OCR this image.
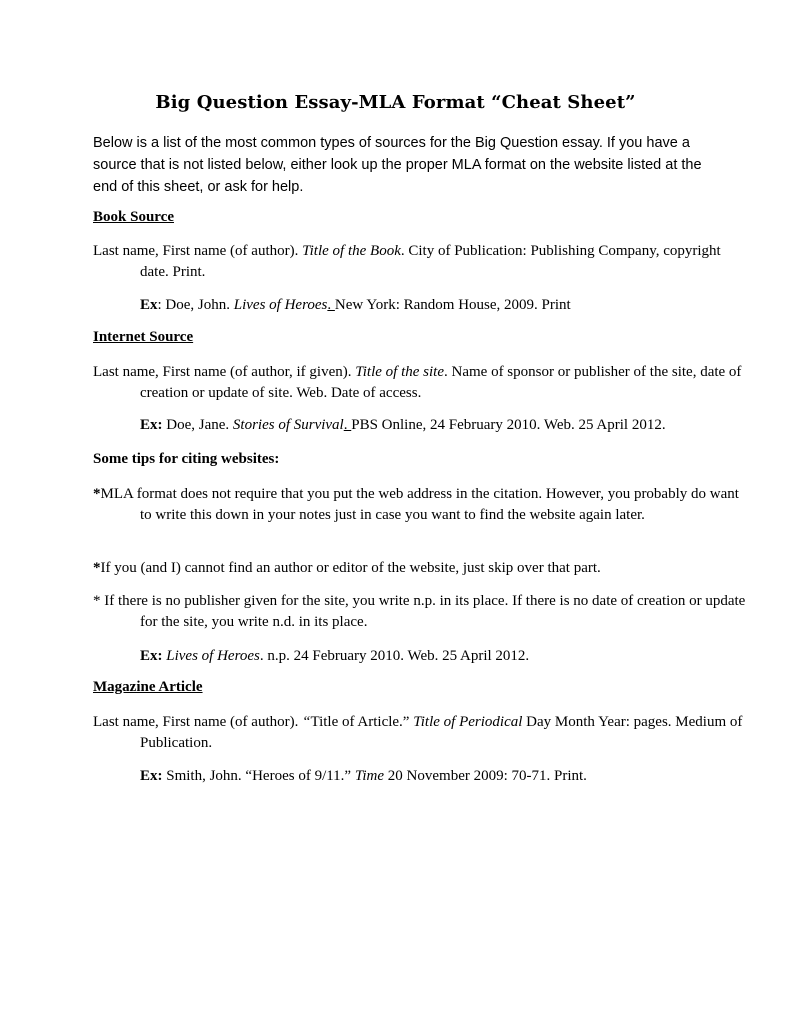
Big Question Essay-MLA Format “Cheat Sheet”
Below is a list of the most common types of sources for the Big Question essay. If you have a source that is not listed below, either look up the proper MLA format on the website listed at the end of this sheet, or ask for help.
Book Source
Last name, First name (of author). Title of the Book. City of Publication: Publishing Company, copyright date. Print.
Ex: Doe, John. Lives of Heroes. New York: Random House, 2009. Print
Internet Source
Last name, First name (of author, if given). Title of the site. Name of sponsor or publisher of the site, date of creation or update of site. Web. Date of access.
Ex: Doe, Jane. Stories of Survival. PBS Online, 24 February 2010. Web. 25 April 2012.
Some tips for citing websites:
*MLA format does not require that you put the web address in the citation. However, you probably do want to write this down in your notes just in case you want to find the website again later.
*If you (and I) cannot find an author or editor of the website, just skip over that part.
* If there is no publisher given for the site, you write n.p. in its place. If there is no date of creation or update for the site, you write n.d. in its place.
Ex: Lives of Heroes. n.p. 24 February 2010. Web. 25 April 2012.
Magazine Article
Last name, First name (of author). “Title of Article.” Title of Periodical Day Month Year: pages. Medium of Publication.
Ex: Smith, John. “Heroes of 9/11.” Time 20 November 2009: 70-71. Print.
